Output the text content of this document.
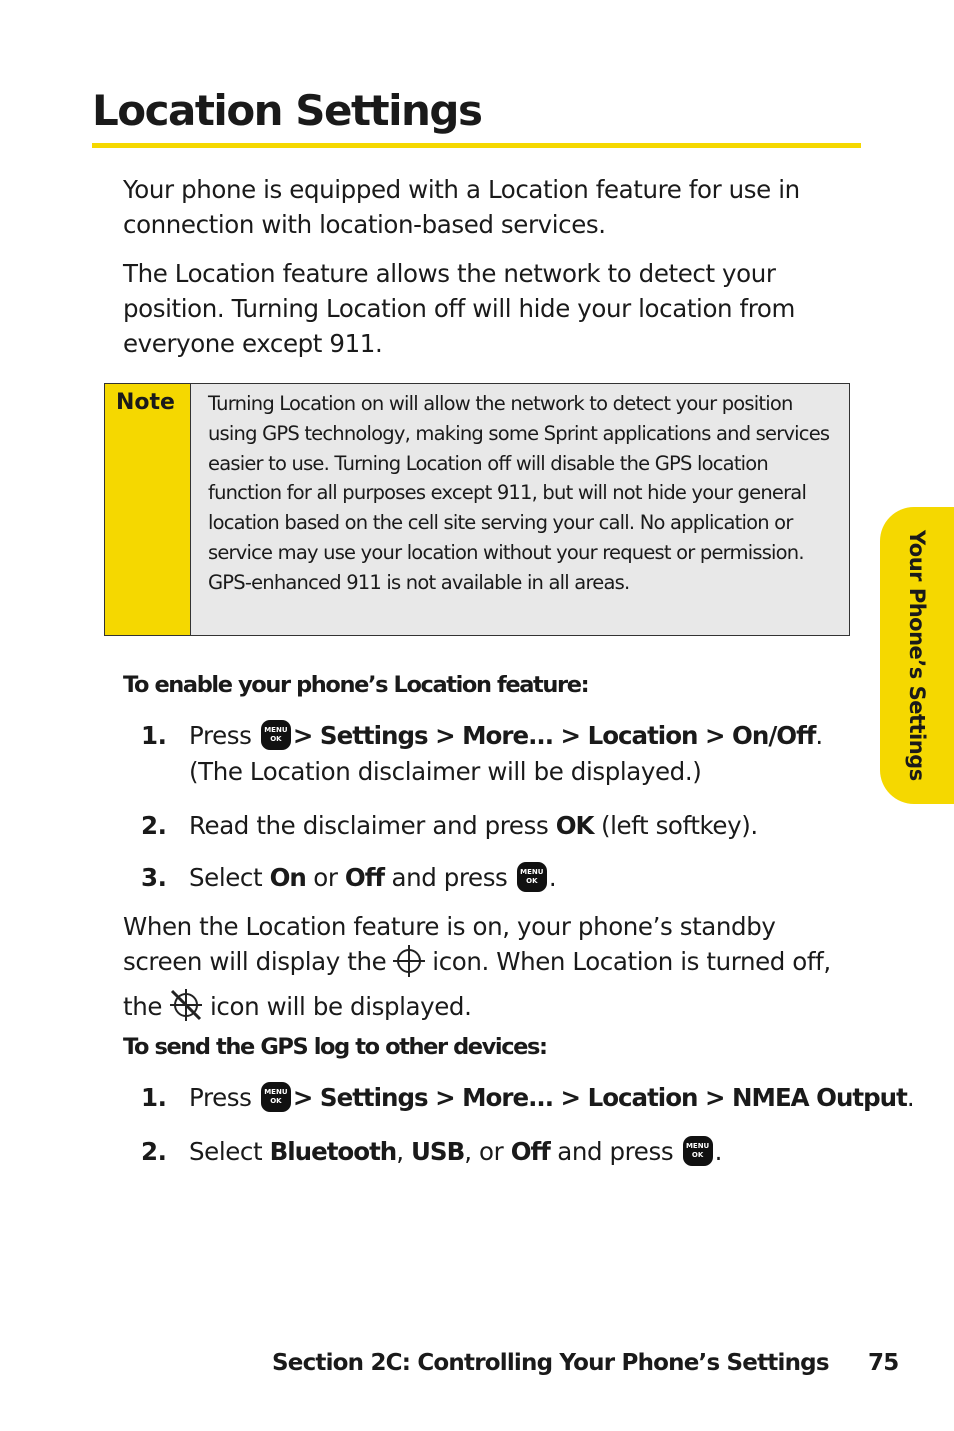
Location Settings

Your phone is equipped with a Location feature for use in connection with location-based services.

The Location feature allows the network to detect your position. Turning Location off will hide your location from everyone except 911.

Note	Turning Location on will allow the network to detect your position using GPS technology, making some Sprint applications and services easier to use. Turning Location off will disable the GPS location function for all purposes except 911, but will not hide your general location based on the cell site serving your call. No application or service may use your location without your request or permission. GPS-enhanced 911 is not available in all areas.
To enable your phone’s Location feature:
1. Press MENU OK > Settings > More... > Location > On/Off.
(The Location disclaimer will be displayed.)
2. Read the disclaimer and press OK (left softkey).
3. Select On or Off and press MENU OK .

When the Location feature is on, your phone’s standby screen will display the icon. When Location is turned off, the icon will be displayed.

To send the GPS log to other devices:
1. Press MENU OK > Settings > More... > Location > NMEA Output.
2. Select Bluetooth, USB, or Off and press MENU OK .
Your Phone’s Settings
Section 2C: Controlling Your Phone’s Settings 75
